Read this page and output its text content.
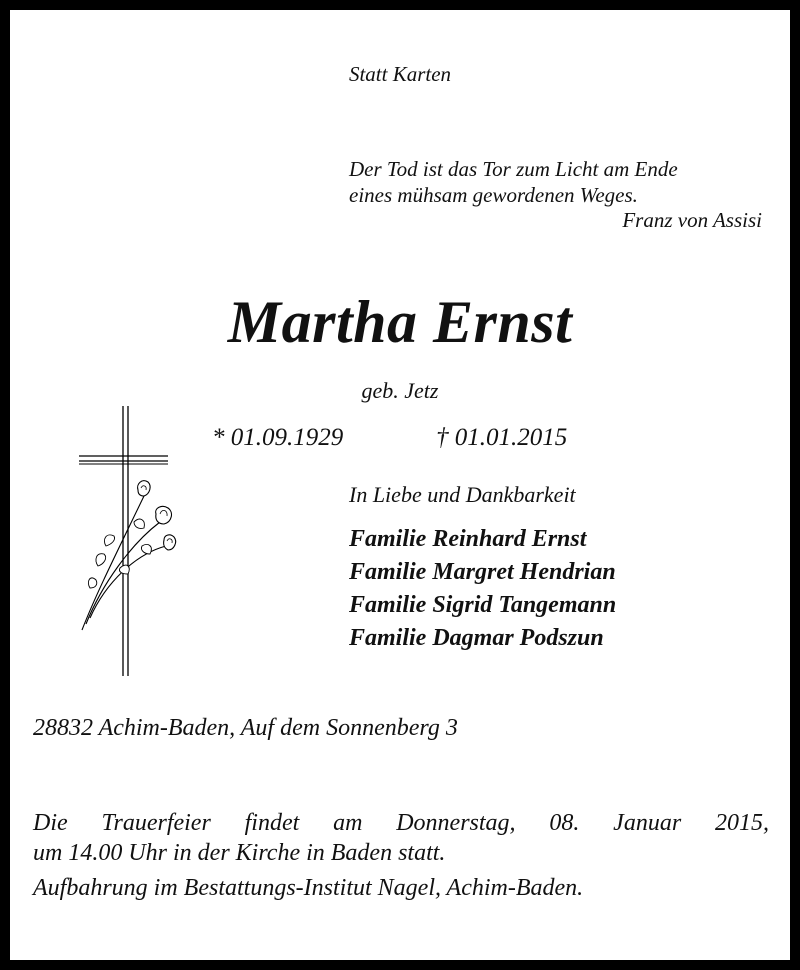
Statt Karten

Der Tod ist das Tor zum Licht am Ende

eines mühsam gewordenen Weges.

Franz von Assisi

Martha Ernst

geb. Jetz

* 01.09.1929	† 01.01.2015

In Liebe und Dankbarkeit

Familie Reinhard Ernst

Familie Margret Hendrian

Familie Sigrid Tangemann

Familie Dagmar Podszun

28832 Achim-Baden, Auf dem Sonnenberg 3

Die Trauerfeier findet am Donnerstag, 08. Januar 2015,

um 14.00 Uhr in der Kirche in Baden statt.

Aufbahrung im Bestattungs-Institut Nagel, Achim-Baden.
